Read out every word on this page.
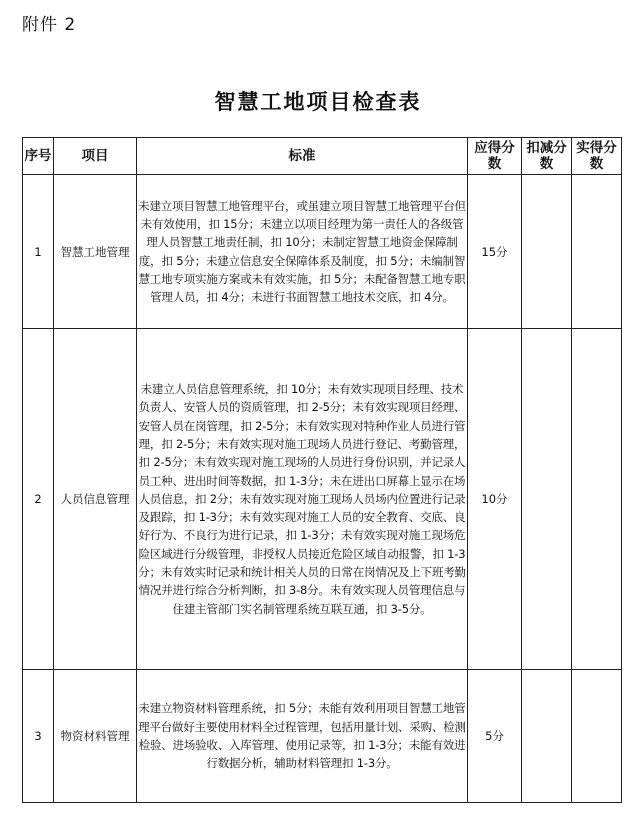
附件 2
智慧工地项目检查表
序号	项目	标准	应得分数	扣减分数	实得分数
1	智慧工地管理	未建立项目智慧工地管理平台，或虽建立项目智慧工地管理平台但未有效使用，扣 15分；未建立以项目经理为第一责任人的各级管理人员智慧工地责任制，扣 10分；未制定智慧工地资金保障制度，扣 5分；未建立信息安全保障体系及制度，扣 5分；未编制智慧工地专项实施方案或未有效实施，扣 5分；未配备智慧工地专职管理人员，扣 4分；未进行书面智慧工地技术交底，扣 4分。	15分		
2	人员信息管理	未建立人员信息管理系统，扣 10分；未有效实现项目经理、技术负责人、安管人员的资质管理，扣 2-5分；未有效实现项目经理、安管人员在岗管理，扣 2-5分；未有效实现对特种作业人员进行管理，扣 2-5分；未有效实现对施工现场人员进行登记、考勤管理，扣 2-5分；未有效实现对施工现场的人员进行身份识别，并记录人员工种、进出时间等数据，扣 1-3分；未在进出口屏幕上显示在场人员信息，扣 2分；未有效实现对施工现场人员场内位置进行记录及跟踪，扣 1-3分；未有效实现对施工人员的安全教育、交底、良好行为、不良行为进行记录，扣 1-3分；未有效实现对施工现场危险区域进行分级管理，非授权人员接近危险区域自动报警，扣 1-3分；未有效实时记录和统计相关人员的日常在岗情况及上下班考勤情况并进行综合分析判断，扣 3-8分。未有效实现人员管理信息与住建主管部门实名制管理系统互联互通，扣 3-5分。	10分		
3	物资材料管理	未建立物资材料管理系统，扣 5分；未能有效利用项目智慧工地管理平台做好主要使用材料全过程管理，包括用量计划、采购、检测检验、进场验收、入库管理、使用记录等，扣 1-3分；未能有效进行数据分析，辅助材料管理扣 1-3分。	5分		
